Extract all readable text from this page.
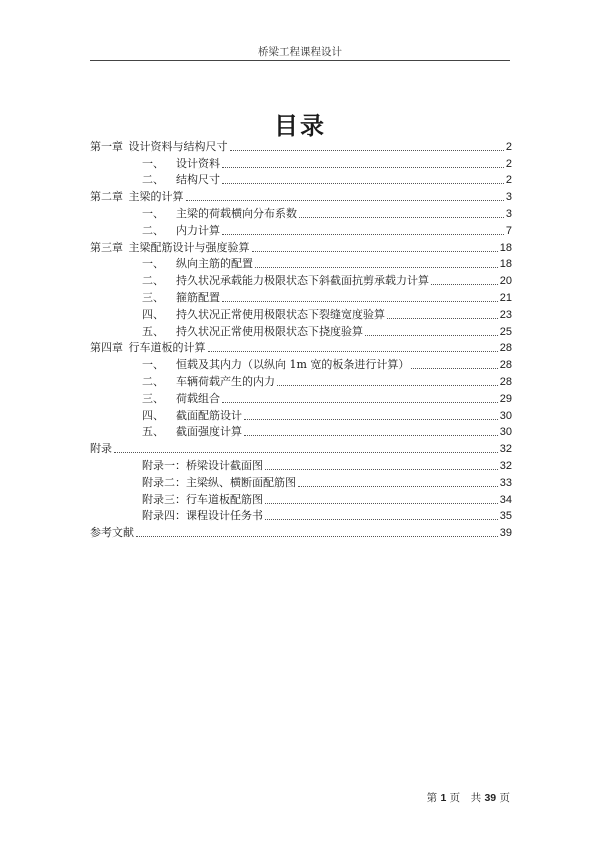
桥梁工程课程设计
目录
第一章  设计资料与结构尺寸	2
一、 设计资料	2
二、 结构尺寸	2
第二章  主梁的计算	3
一、 主梁的荷载横向分布系数	3
二、 内力计算	7
第三章  主梁配筋设计与强度验算	18
一、 纵向主筋的配置	18
二、 持久状况承载能力极限状态下斜截面抗剪承载力计算	20
三、 箍筋配置	21
四、 持久状况正常使用极限状态下裂缝宽度验算	23
五、 持久状况正常使用极限状态下挠度验算	25
第四章  行车道板的计算	28
一、 恒载及其内力（以纵向 1m 宽的板条进行计算）	28
二、 车辆荷载产生的内力	28
三、 荷载组合	29
四、 截面配筋设计	30
五、 截面强度计算	30
附录	32
附录一：桥梁设计截面图	32
附录二：主梁纵、横断面配筋图	33
附录三：行车道板配筋图	34
附录四：课程设计任务书	35
参考文献	39
第 1 页　共 39 页
